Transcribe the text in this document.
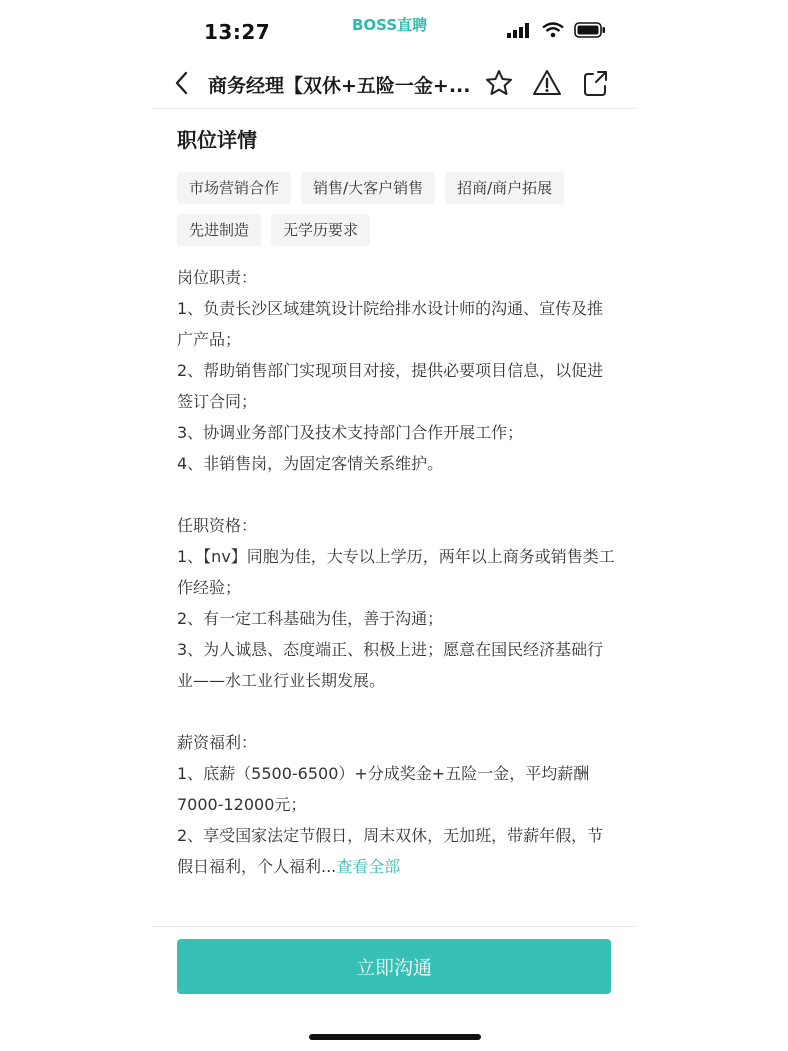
13:27	BOSS直聘
商务经理【双休+五险一金+...
职位详情
市场营销合作	销售/大客户销售	招商/商户拓展
先进制造	无学历要求

岗位职责：

1、负责长沙区域建筑设计院给排水设计师的沟通、宣传及推广产品；

2、帮助销售部门实现项目对接，提供必要项目信息，以促进签订合同；

3、协调业务部门及技术支持部门合作开展工作；

4、非销售岗，为固定客情关系维护。

任职资格：

1、【nv】同胞为佳，大专以上学历，两年以上商务或销售类工作经验；

2、有一定工科基础为佳，善于沟通；

3、为人诚恳、态度端正、积极上进；愿意在国民经济基础行业——水工业行业长期发展。

薪资福利：

1、底薪（5500-6500）+分成奖金+五险一金，平均薪酬7000-12000元；

2、享受国家法定节假日，周末双休，无加班，带薪年假，节假日福利，个人福利...查看全部

立即沟通
